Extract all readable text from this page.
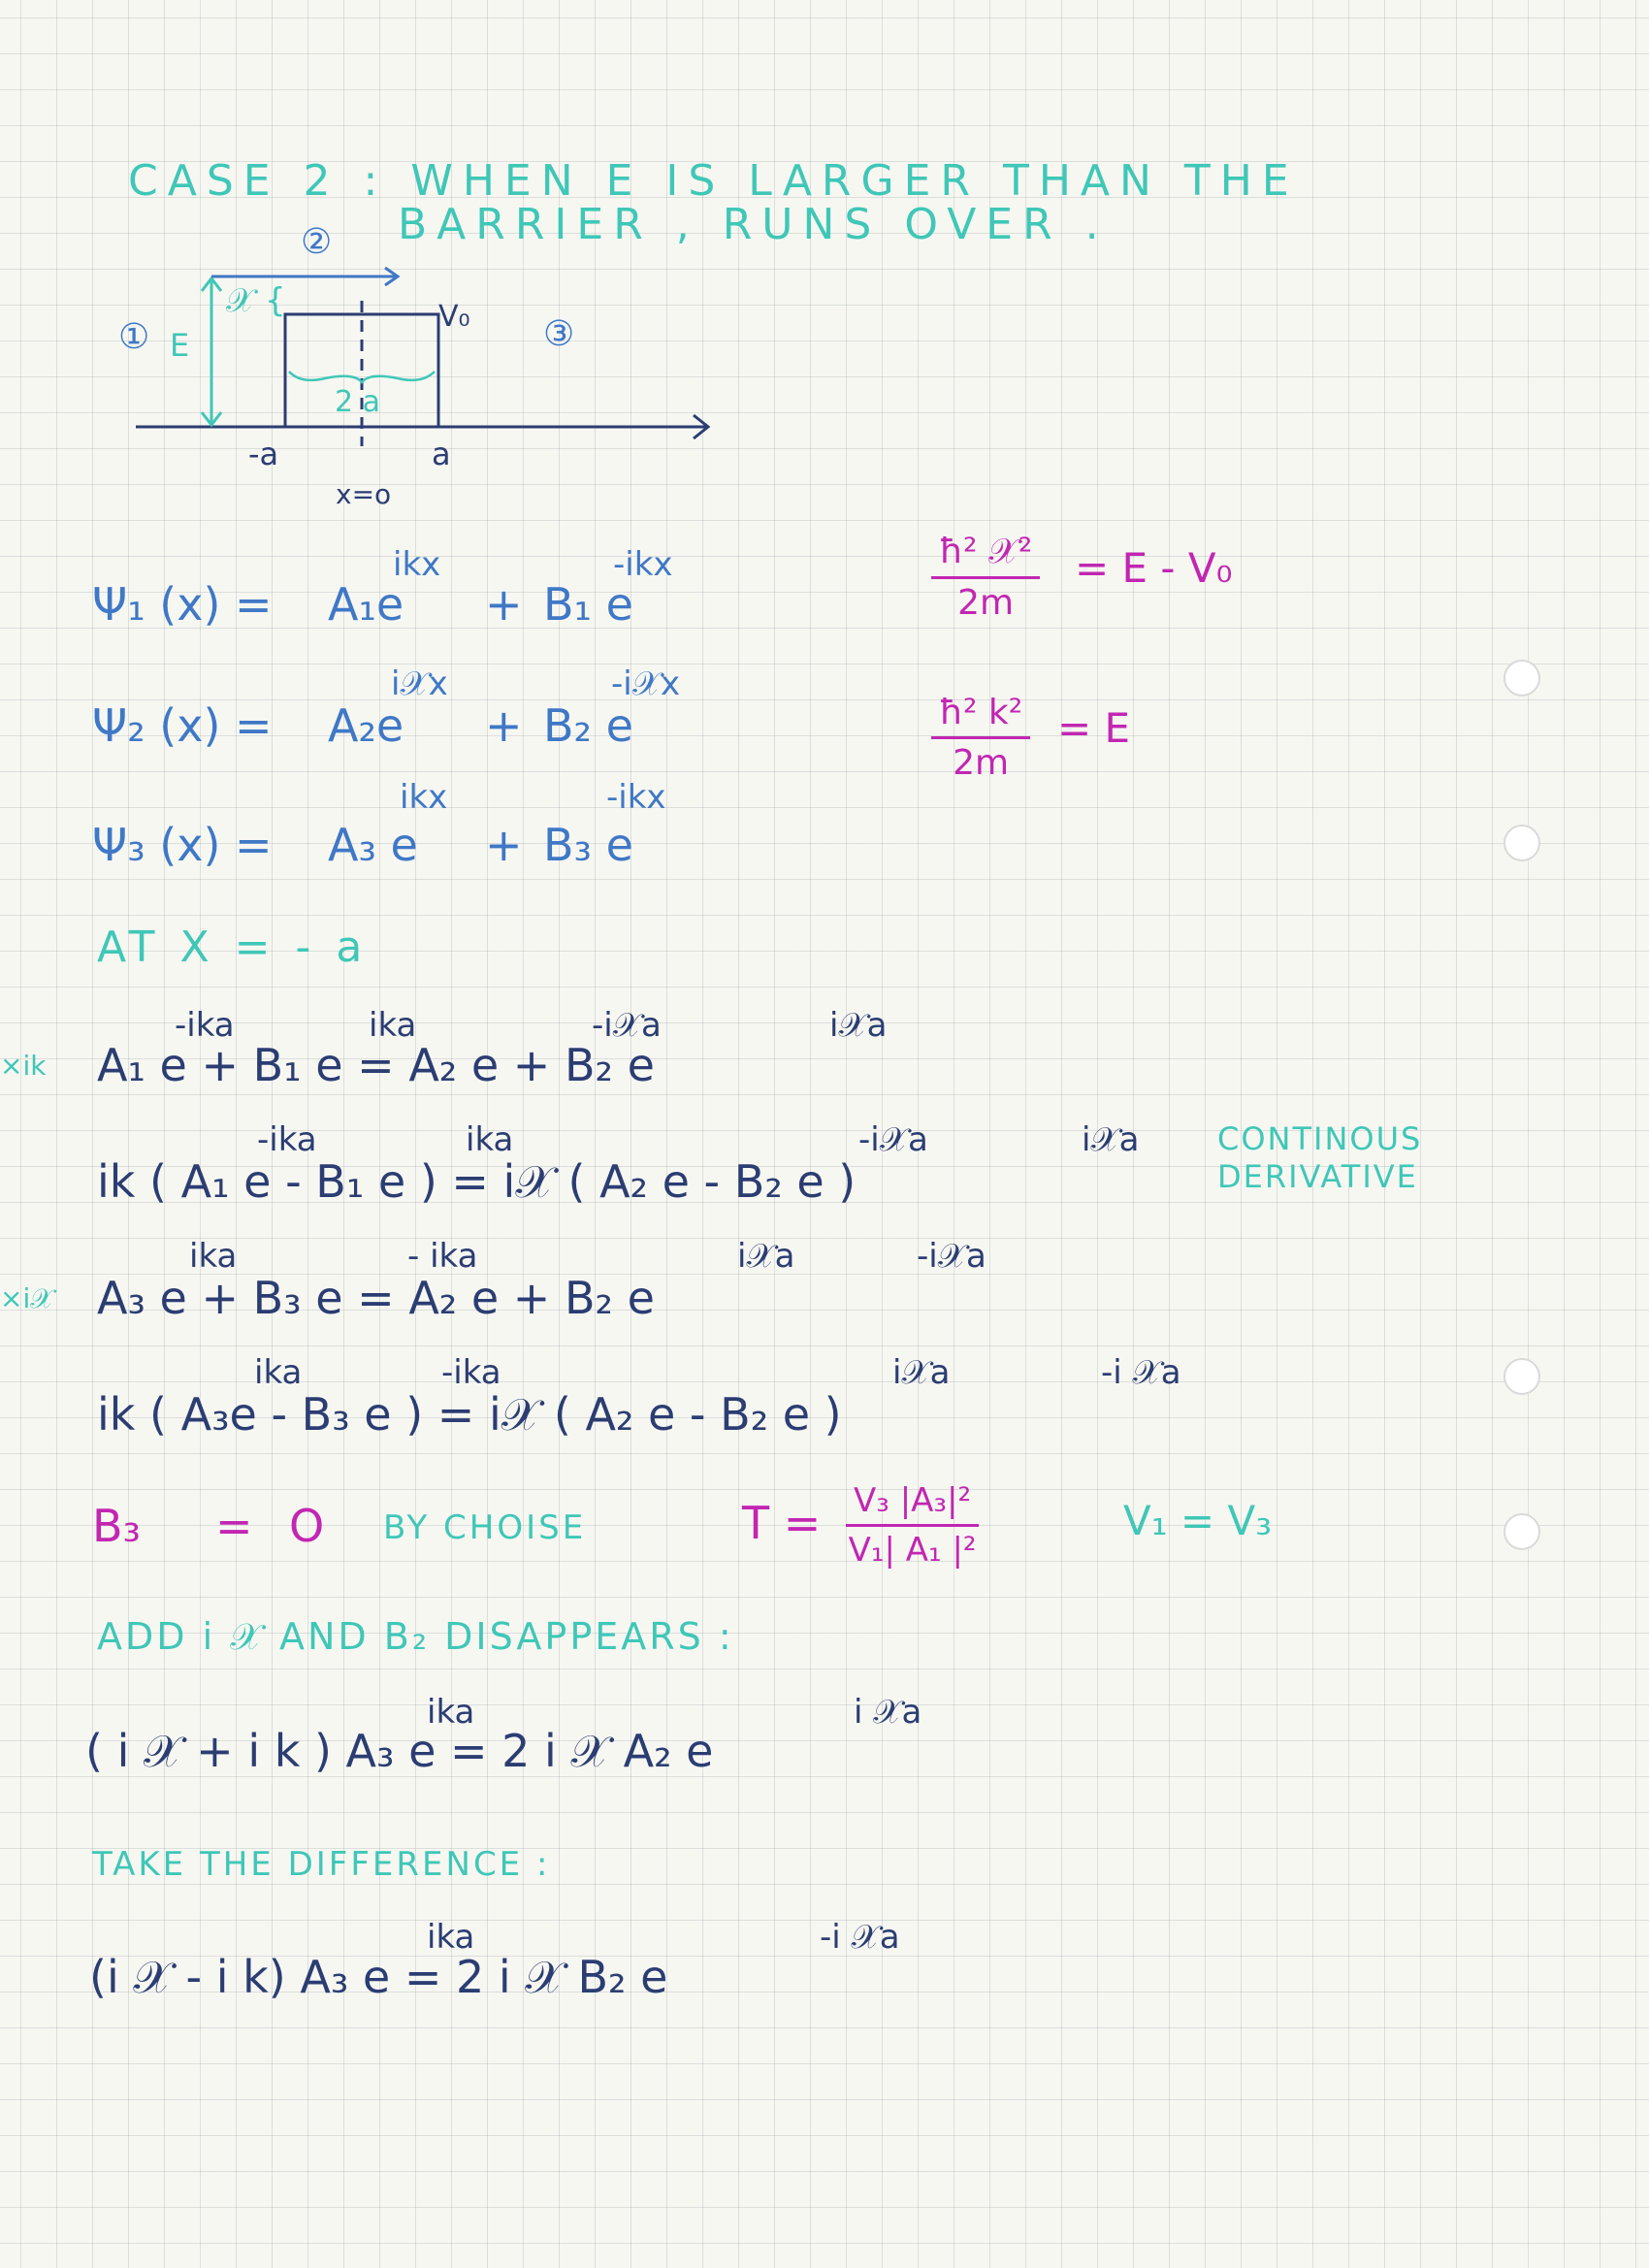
CASE 2 : WHEN E IS LARGER THAN THE
BARRIER , RUNS OVER .
②
①	③
E
𝒳 {	V₀
2 a
-a	a
x=o
Ψ₁ (x) = A₁e
ikx
+ B₁ e
-ikx
Ψ₂ (x) = A₂e
i𝒳x
+ B₂ e
-i𝒳x
Ψ₃ (x) = A₃ e
ikx
+ B₃ e
-ikx
ħ² 𝒳²
2m
= E - V₀
$\frac{\text{ħ² k²}}{2m} = E$
AT X = - a
×ik A₁ e + B₁ e = A₂ e + B₂ e
-ika	ika	-i𝒳a	i𝒳a
ik ( A₁ e - B₁ e ) = i𝒳 ( A₂ e - B₂ e )
-ika	ika	-i𝒳a	i𝒳a	CONTINOUS
DERIVATIVE
×i𝒳 A₃ e + B₃ e = A₂ e + B₂ e
ika	- ika	i𝒳a	-i𝒳a
ik ( A₃e - B₃ e ) = i𝒳 ( A₂ e - B₂ e )
ika	-ika	i𝒳a	-i 𝒳a
B₃ = O BY CHOISE	$T = \frac{\text{V₃ |A₃|²}}{\text{V₁| A₁ |²}}$	V₁ = V₃
ADD i 𝒳 AND B₂ DISAPPEARS :
( i 𝒳 + i k ) A₃ e = 2 i 𝒳 A₂ e
ika	i 𝒳a
TAKE THE DIFFERENCE :
(i 𝒳 - i k) A₃ e = 2 i 𝒳 B₂ e
ika	-i 𝒳a
